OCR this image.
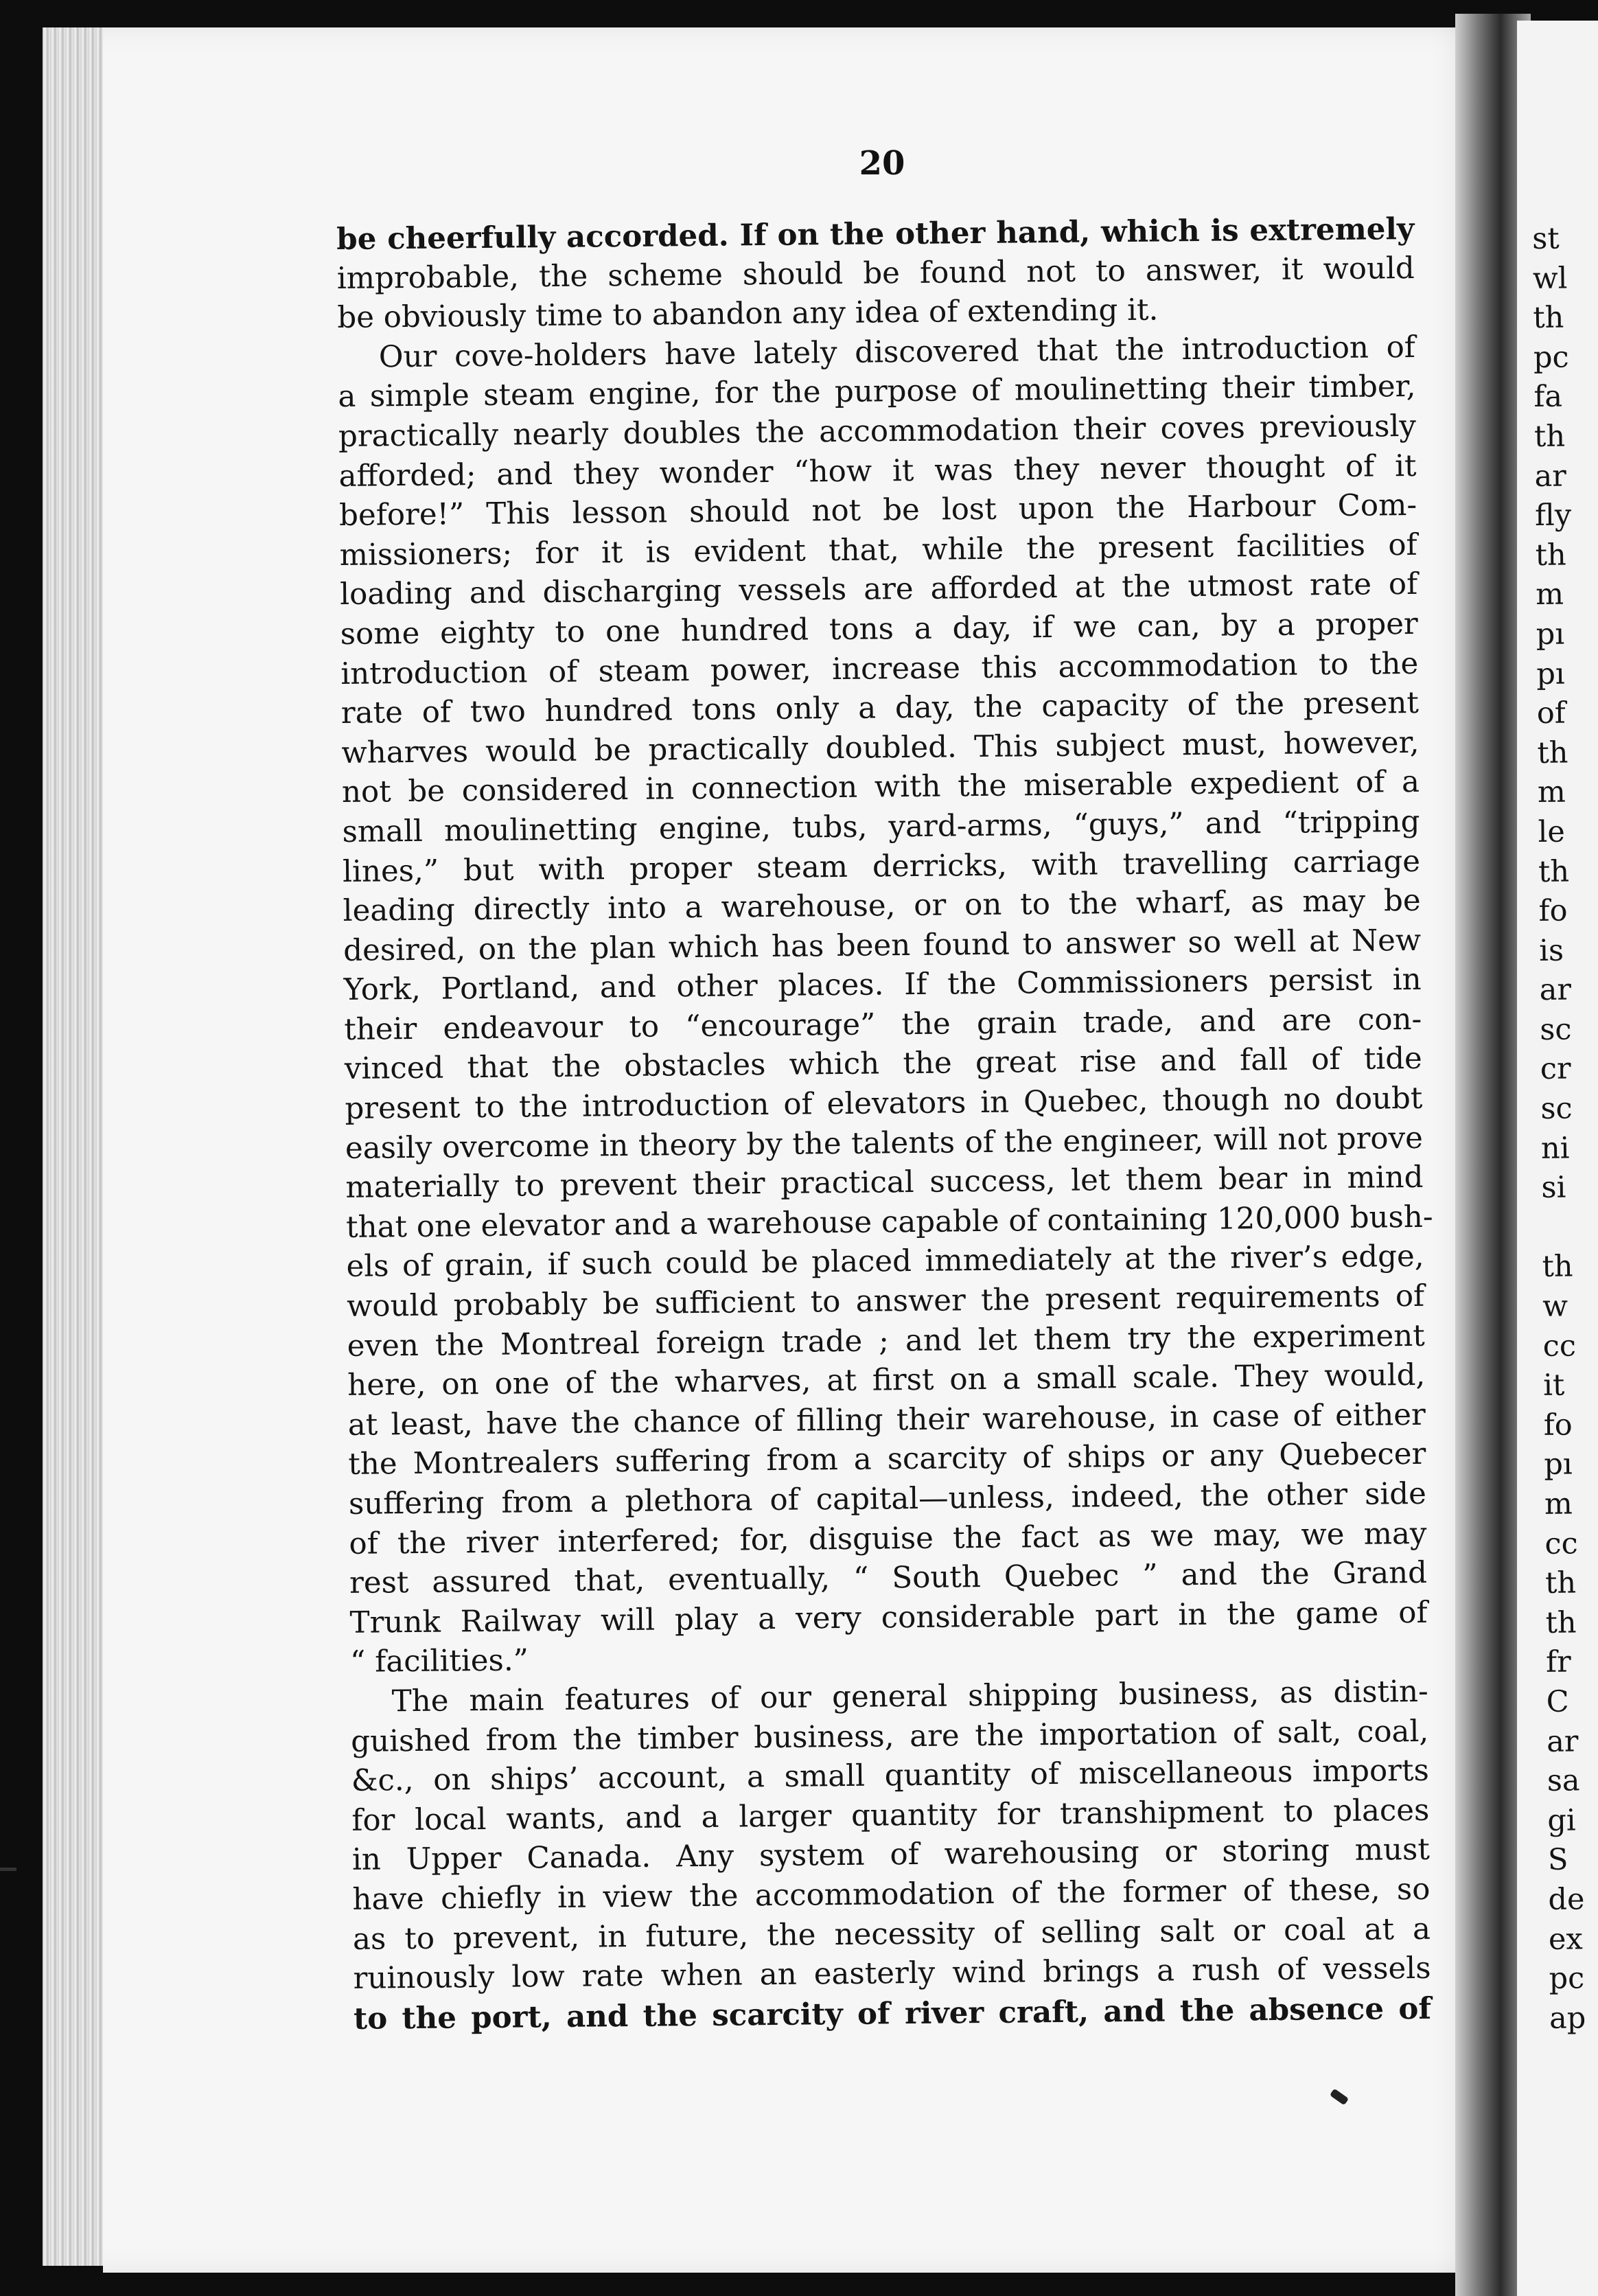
20
be cheerfully accorded. If on the other hand, which is extremely
improbable, the scheme should be found not to answer, it would
be obviously time to abandon any idea of extending it.
Our cove-holders have lately discovered that the introduction of
a simple steam engine, for the purpose of moulinetting their timber,
practically nearly doubles the accommodation their coves previously
afforded; and they wonder “how it was they never thought of it
before!” This lesson should not be lost upon the Harbour Com-
missioners; for it is evident that, while the present facilities of
loading and discharging vessels are afforded at the utmost rate of
some eighty to one hundred tons a day, if we can, by a proper
introduction of steam power, increase this accommodation to the
rate of two hundred tons only a day, the capacity of the present
wharves would be practically doubled. This subject must, however,
not be considered in connection with the miserable expedient of a
small moulinetting engine, tubs, yard-arms, “guys,” and “tripping
lines,” but with proper steam derricks, with travelling carriage
leading directly into a warehouse, or on to the wharf, as may be
desired, on the plan which has been found to answer so well at New
York, Portland, and other places. If the Commissioners persist in
their endeavour to “encourage” the grain trade, and are con-
vinced that the obstacles which the great rise and fall of tide
present to the introduction of elevators in Quebec, though no doubt
easily overcome in theory by the talents of the engineer, will not prove
materially to prevent their practical success, let them bear in mind
that one elevator and a warehouse capable of containing 120,000 bush-
els of grain, if such could be placed immediately at the river’s edge,
would probably be sufficient to answer the present requirements of
even the Montreal foreign trade ; and let them try the experiment
here, on one of the wharves, at first on a small scale. They would,
at least, have the chance of filling their warehouse, in case of either
the Montrealers suffering from a scarcity of ships or any Quebecer
suffering from a plethora of capital—unless, indeed, the other side
of the river interfered; for, disguise the fact as we may, we may
rest assured that, eventually, “ South Quebec ” and the Grand
Trunk Railway will play a very considerable part in the game of
“ facilities.”
The main features of our general shipping business, as distin-
guished from the timber business, are the importation of salt, coal,
&c., on ships’ account, a small quantity of miscellaneous imports
for local wants, and a larger quantity for transhipment to places
in Upper Canada. Any system of warehousing or storing must
have chiefly in view the accommodation of the former of these, so
as to prevent, in future, the necessity of selling salt or coal at a
ruinously low rate when an easterly wind brings a rush of vessels
to the port, and the scarcity of river craft, and the absence of
st
wl
th
pc
fa
th
ar
fly
th
m
pı
pı
of
th
m
le
th
fo
is
ar
sc
cr
sc
ni
si
th
w
cc
it
fo
pı
m
cc
th
th
fr
C
ar
sa
gi
S
de
ex
pc
ap
